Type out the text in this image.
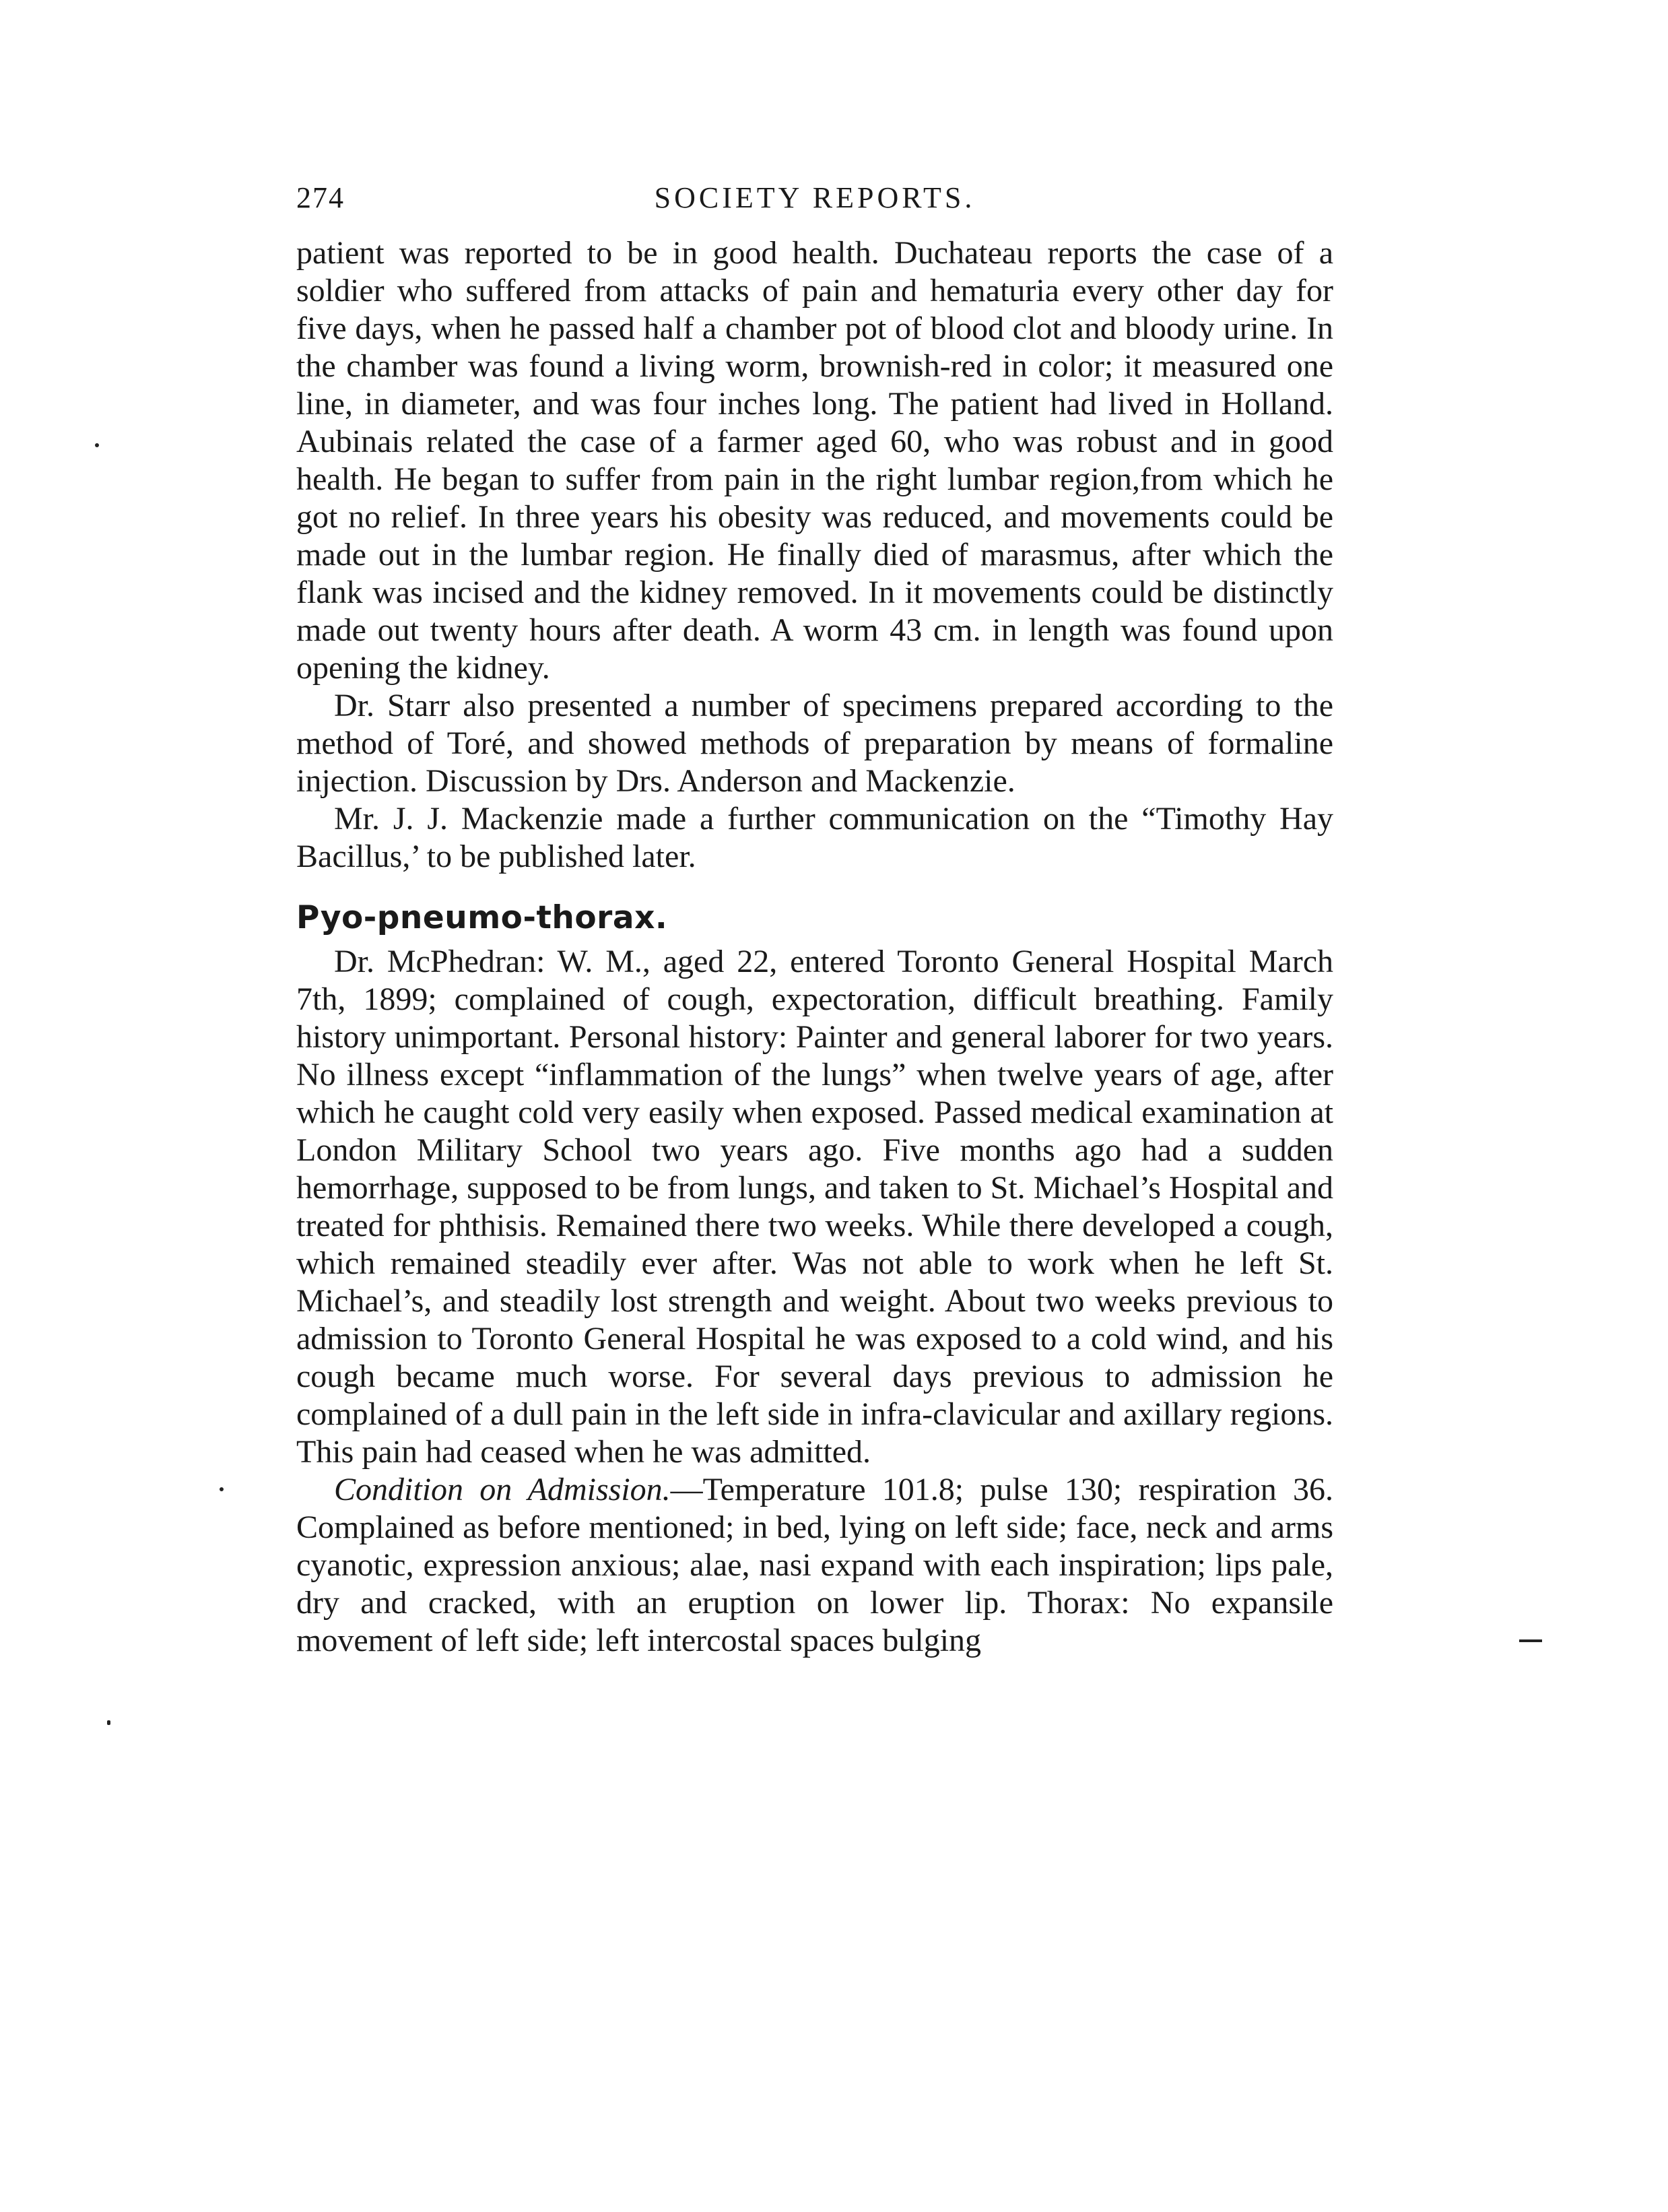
274	SOCIETY REPORTS.

patient was reported to be in good health. Duchateau reports the case of a soldier who suffered from attacks of pain and hematuria every other day for five days, when he passed half a chamber pot of blood clot and bloody urine. In the chamber was found a living worm, brownish-red in color; it measured one line, in diameter, and was four inches long. The patient had lived in Holland. Aubinais related the case of a farmer aged 60, who was robust and in good health. He began to suffer from pain in the right lumbar region,from which he got no relief. In three years his obesity was reduced, and movements could be made out in the lumbar region. He finally died of marasmus, after which the flank was incised and the kidney removed. In it movements could be distinctly made out twenty hours after death. A worm 43 cm. in length was found upon opening the kidney.

Dr. Starr also presented a number of specimens prepared according to the method of Toré, and showed methods of preparation by means of formaline injection. Discussion by Drs. Anderson and Mackenzie.

Mr. J. J. Mackenzie made a further communication on the “Timothy Hay Bacillus,’ to be published later.

Pyo-pneumo-thorax.

Dr. McPhedran: W. M., aged 22, entered Toronto General Hospital March 7th, 1899; complained of cough, expectoration, difficult breathing. Family history unimportant. Personal history: Painter and general laborer for two years. No illness except “inflammation of the lungs” when twelve years of age, after which he caught cold very easily when exposed. Passed medical examination at London Military School two years ago. Five months ago had a sudden hemorrhage, supposed to be from lungs, and taken to St. Michael’s Hospital and treated for phthisis. Remained there two weeks. While there developed a cough, which remained steadily ever after. Was not able to work when he left St. Michael’s, and steadily lost strength and weight. About two weeks previous to admission to Toronto General Hospital he was exposed to a cold wind, and his cough became much worse. For several days previous to admission he complained of a dull pain in the left side in infra-clavicular and axillary regions. This pain had ceased when he was admitted.

Condition on Admission.—Temperature 101.8; pulse 130; respiration 36. Complained as before mentioned; in bed, lying on left side; face, neck and arms cyanotic, expression anxious; alae, nasi expand with each inspiration; lips pale, dry and cracked, with an eruption on lower lip. Thorax: No expansile movement of left side; left intercostal spaces bulging
